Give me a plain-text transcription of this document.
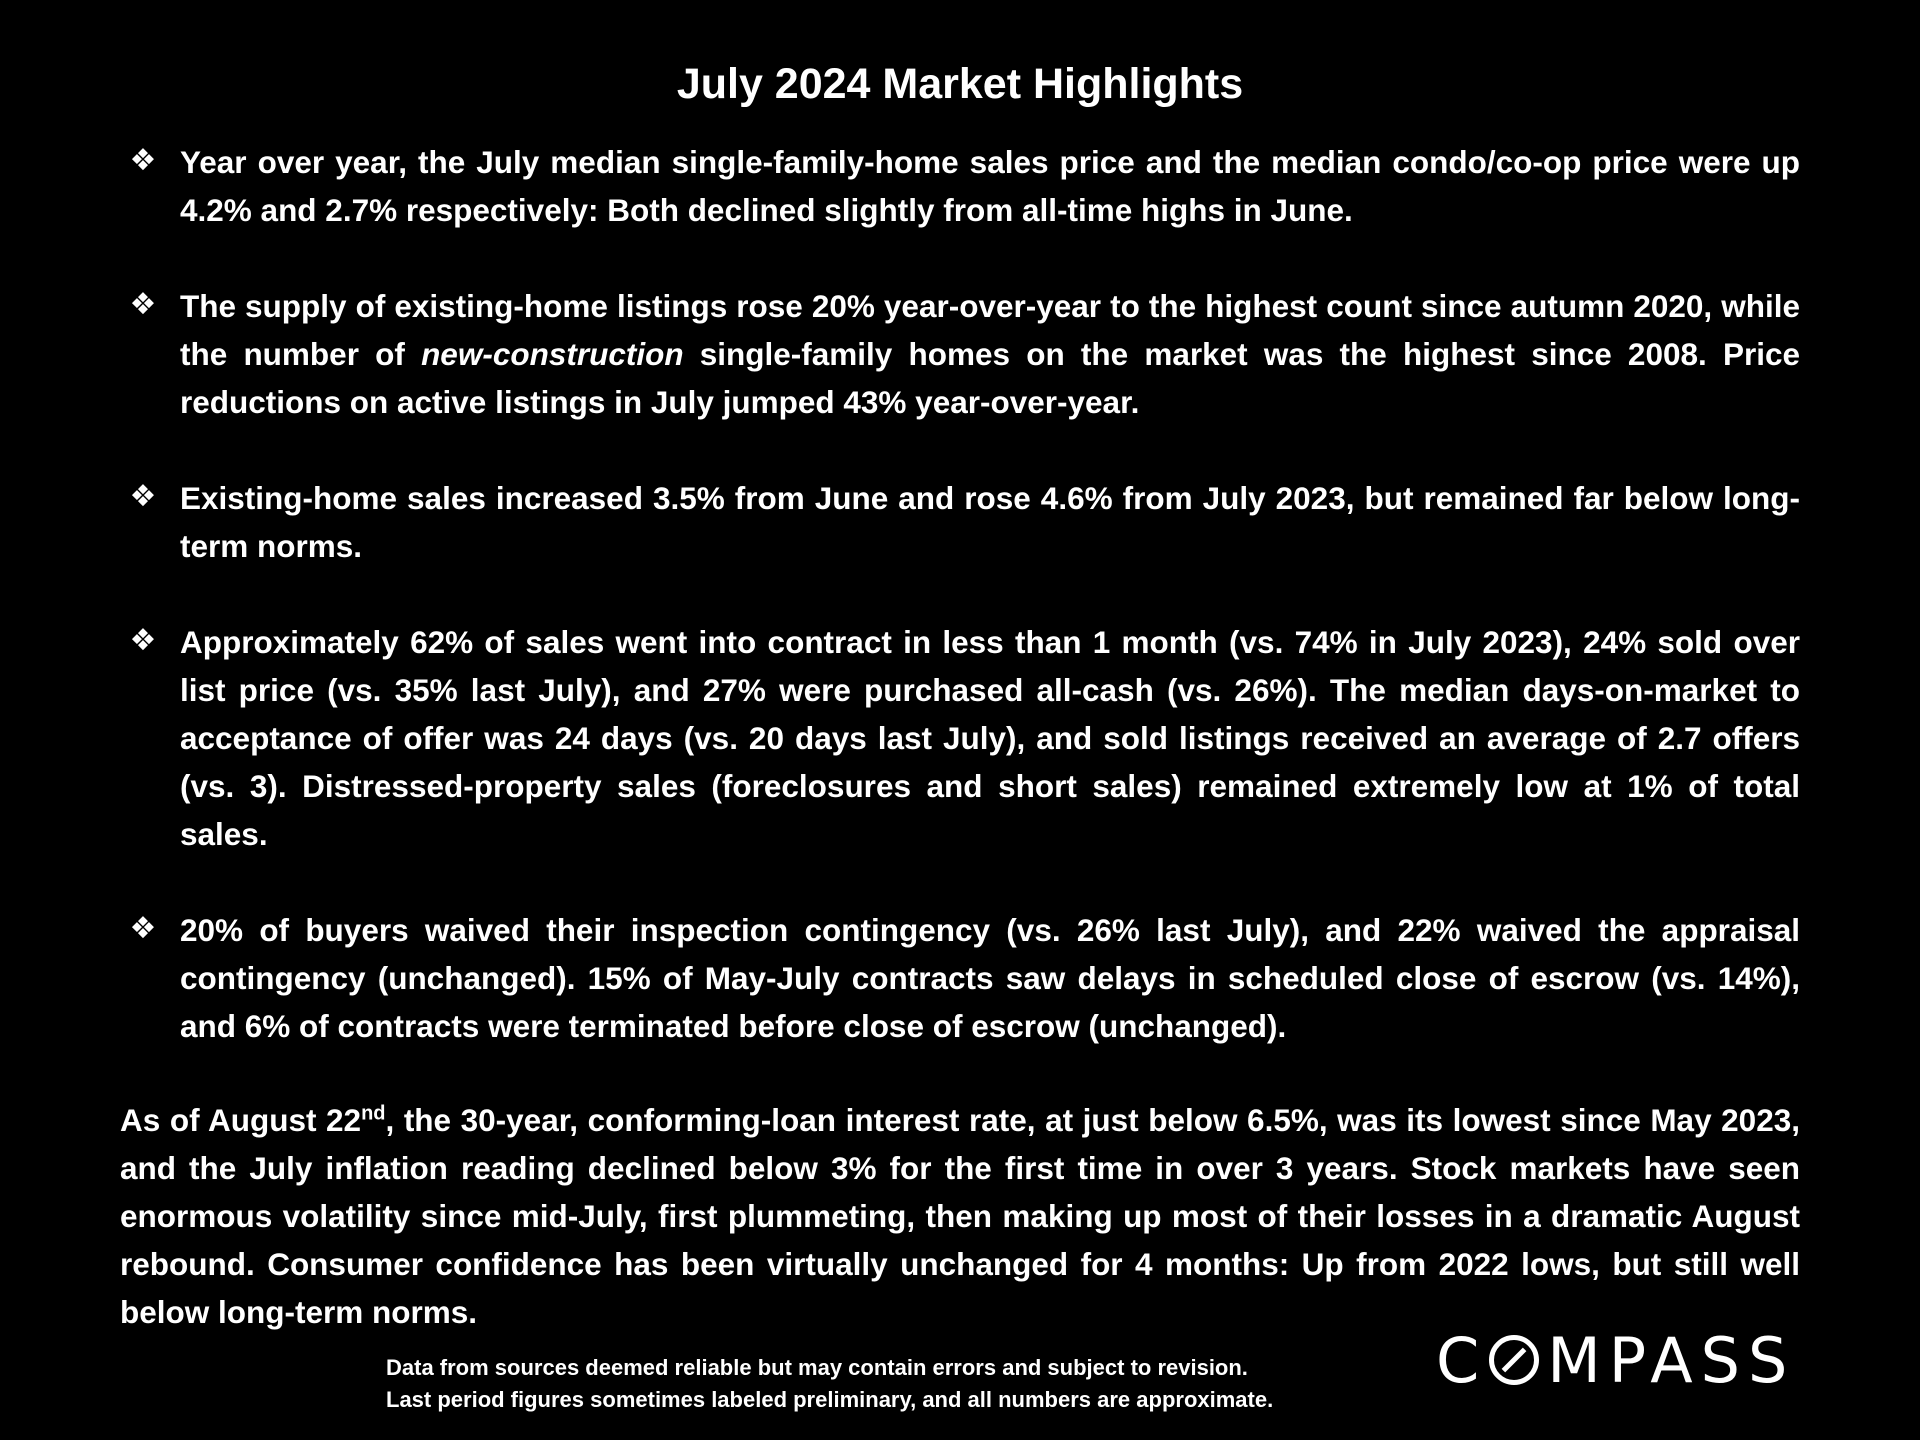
July 2024 Market Highlights
❖ Year over year, the July median single-family-home sales price and the median condo/co-op price were up 4.2% and 2.7% respectively: Both declined slightly from all-time highs in June.
❖ The supply of existing-home listings rose 20% year-over-year to the highest count since autumn 2020, while the number of new-construction single-family homes on the market was the highest since 2008. Price reductions on active listings in July jumped 43% year-over-year.
❖ Existing-home sales increased 3.5% from June and rose 4.6% from July 2023, but remained far below long-term norms.
❖ Approximately 62% of sales went into contract in less than 1 month (vs. 74% in July 2023), 24% sold over list price (vs. 35% last July), and 27% were purchased all-cash (vs. 26%). The median days-on-market to acceptance of offer was 24 days (vs. 20 days last July), and sold listings received an average of 2.7 offers (vs. 3). Distressed-property sales (foreclosures and short sales) remained extremely low at 1% of total sales.
❖ 20% of buyers waived their inspection contingency (vs. 26% last July), and 22% waived the appraisal contingency (unchanged). 15% of May-July contracts saw delays in scheduled close of escrow (vs. 14%), and 6% of contracts were terminated before close of escrow (unchanged).

As of August 22nd, the 30-year, conforming-loan interest rate, at just below 6.5%, was its lowest since May 2023, and the July inflation reading declined below 3% for the first time in over 3 years. Stock markets have seen enormous volatility since mid-July, first plummeting, then making up most of their losses in a dramatic August rebound. Consumer confidence has been virtually unchanged for 4 months: Up from 2022 lows, but still well below long-term norms.

Data from sources deemed reliable but may contain errors and subject to revision.
Last period figures sometimes labeled preliminary, and all numbers are approximate.

C MPASS
